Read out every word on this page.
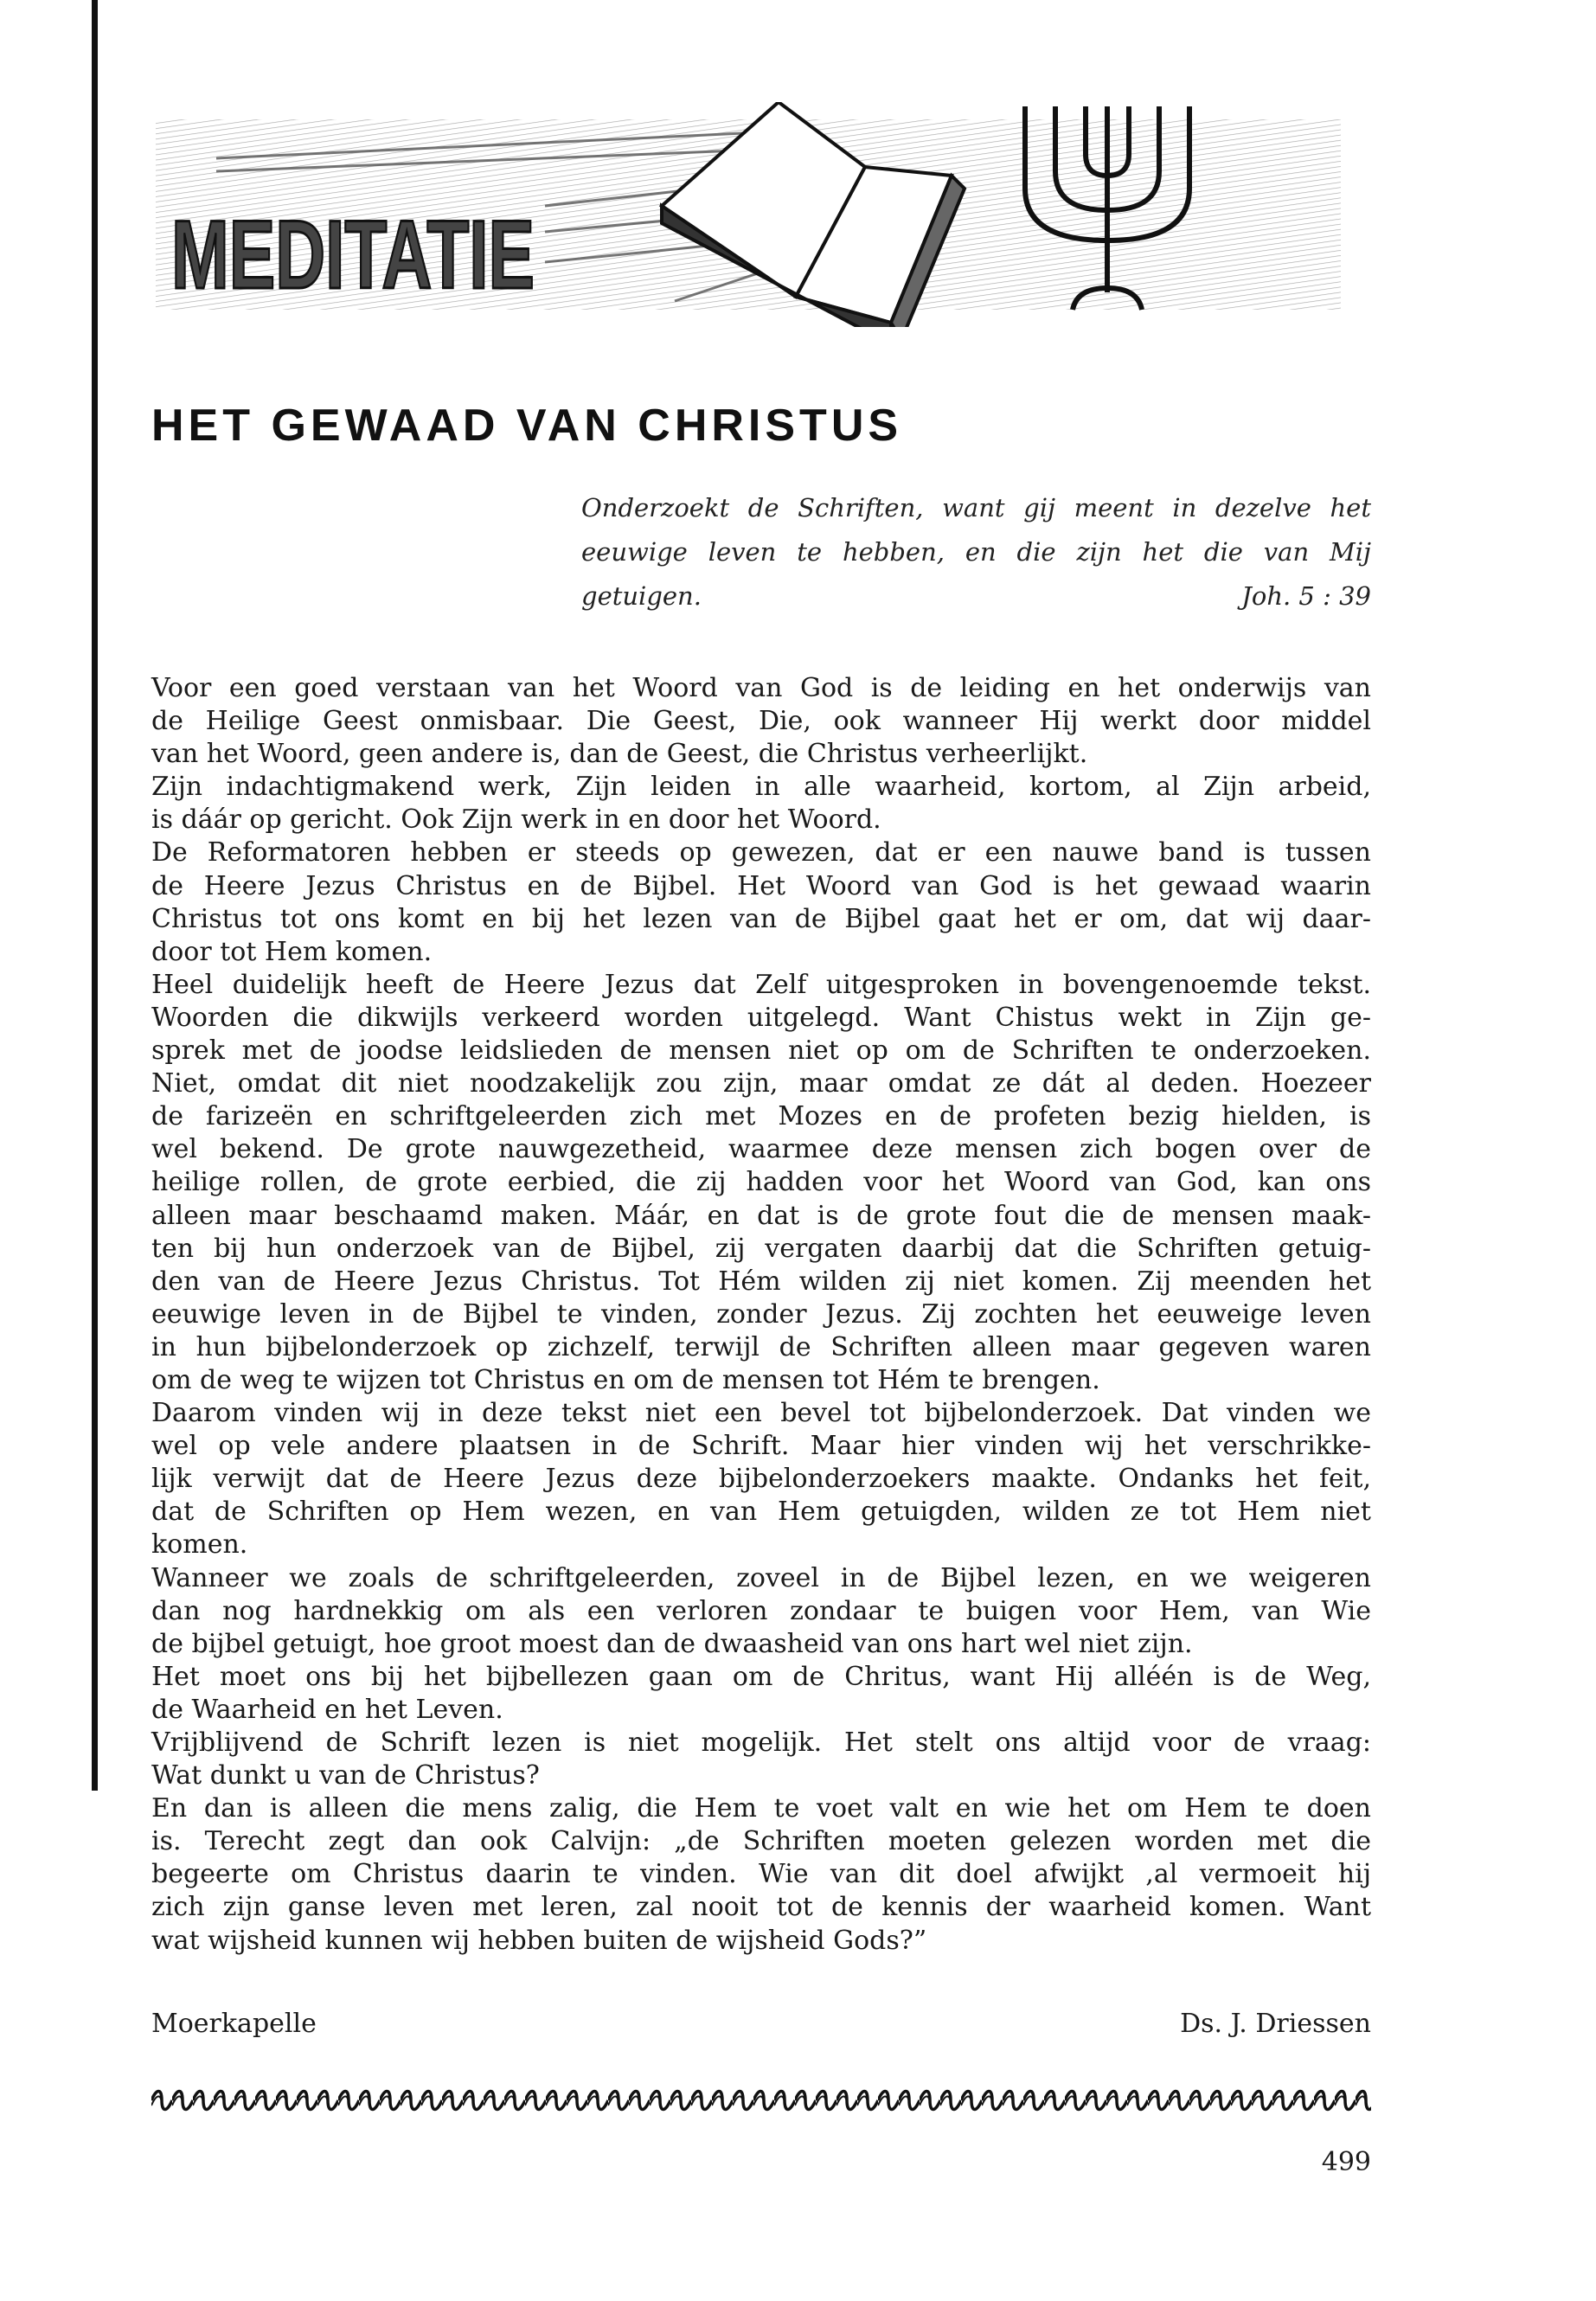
MEDITATIE
HET GEWAAD VAN CHRISTUS
Onderzoekt de Schriften, want gij meent in dezelve het
eeuwige leven te hebben, en die zijn het die van Mij
getuigen.	Joh. 5 : 39
Voor een goed verstaan van het Woord van God is de leiding en het onderwijs van
de Heilige Geest onmisbaar. Die Geest, Die, ook wanneer Hij werkt door middel
van het Woord, geen andere is, dan de Geest, die Christus verheerlijkt.
Zijn indachtigmakend werk, Zijn leiden in alle waarheid, kortom, al Zijn arbeid,
is dáár op gericht. Ook Zijn werk in en door het Woord.
De Reformatoren hebben er steeds op gewezen, dat er een nauwe band is tussen
de Heere Jezus Christus en de Bijbel. Het Woord van God is het gewaad waarin
Christus tot ons komt en bij het lezen van de Bijbel gaat het er om, dat wij daar-
door tot Hem komen.
Heel duidelijk heeft de Heere Jezus dat Zelf uitgesproken in bovengenoemde tekst.
Woorden die dikwijls verkeerd worden uitgelegd. Want Chistus wekt in Zijn ge-
sprek met de joodse leidslieden de mensen niet op om de Schriften te onderzoeken.
Niet, omdat dit niet noodzakelijk zou zijn, maar omdat ze dát al deden. Hoezeer
de farizeën en schriftgeleerden zich met Mozes en de profeten bezig hielden, is
wel bekend. De grote nauwgezetheid, waarmee deze mensen zich bogen over de
heilige rollen, de grote eerbied, die zij hadden voor het Woord van God, kan ons
alleen maar beschaamd maken. Máár, en dat is de grote fout die de mensen maak-
ten bij hun onderzoek van de Bijbel, zij vergaten daarbij dat die Schriften getuig-
den van de Heere Jezus Christus. Tot Hém wilden zij niet komen. Zij meenden het
eeuwige leven in de Bijbel te vinden, zonder Jezus. Zij zochten het eeuweige leven
in hun bijbelonderzoek op zichzelf, terwijl de Schriften alleen maar gegeven waren
om de weg te wijzen tot Christus en om de mensen tot Hém te brengen.
Daarom vinden wij in deze tekst niet een bevel tot bijbelonderzoek. Dat vinden we
wel op vele andere plaatsen in de Schrift. Maar hier vinden wij het verschrikke-
lijk verwijt dat de Heere Jezus deze bijbelonderzoekers maakte. Ondanks het feit,
dat de Schriften op Hem wezen, en van Hem getuigden, wilden ze tot Hem niet
komen.
Wanneer we zoals de schriftgeleerden, zoveel in de Bijbel lezen, en we weigeren
dan nog hardnekkig om als een verloren zondaar te buigen voor Hem, van Wie
de bijbel getuigt, hoe groot moest dan de dwaasheid van ons hart wel niet zijn.
Het moet ons bij het bijbellezen gaan om de Chritus, want Hij alléén is de Weg,
de Waarheid en het Leven.
Vrijblijvend de Schrift lezen is niet mogelijk. Het stelt ons altijd voor de vraag:
Wat dunkt u van de Christus?
En dan is alleen die mens zalig, die Hem te voet valt en wie het om Hem te doen
is. Terecht zegt dan ook Calvijn: „de Schriften moeten gelezen worden met die
begeerte om Christus daarin te vinden. Wie van dit doel afwijkt ,al vermoeit hij
zich zijn ganse leven met leren, zal nooit tot de kennis der waarheid komen. Want
wat wijsheid kunnen wij hebben buiten de wijsheid Gods?”
Moerkapelle	Ds. J. Driessen
499
